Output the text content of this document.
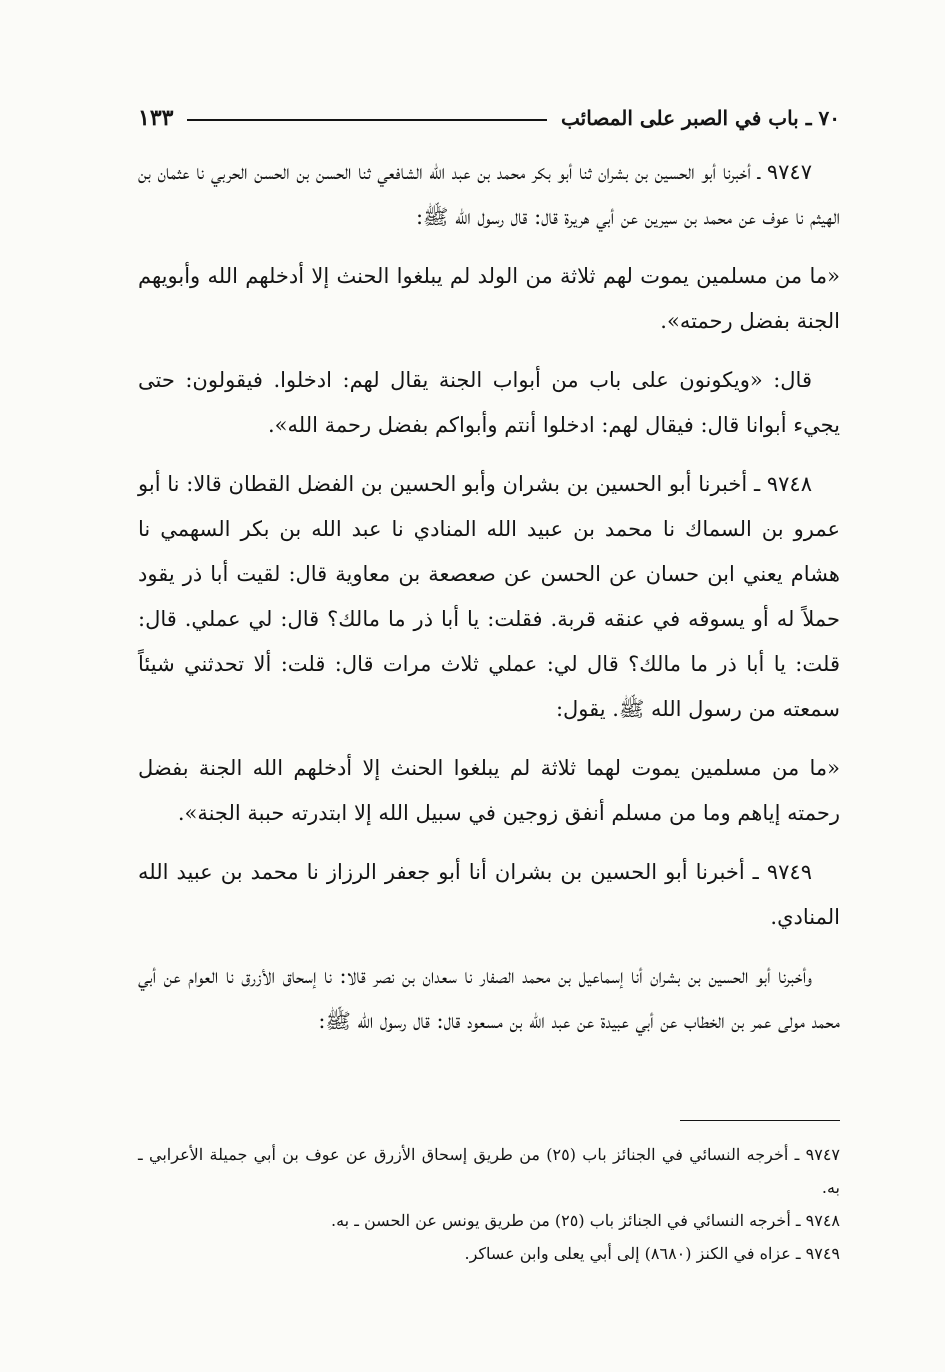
٧٠ ـ باب في الصبر على المصائب
١٣٣

٩٧٤٧ ـ أخبرنا أبو الحسين بن بشران ثنا أبو بكر محمد بن عبد الله الشافعي ثنا الحسن بن الحسن الحربي نا عثمان بن الهيثم نا عوف عن محمد بن سيرين عن أبي هريرة قال: قال رسول الله ﷺ:

«ما من مسلمين يموت لهم ثلاثة من الولد لم يبلغوا الحنث إلا أدخلهم الله وأبويهم الجنة بفضل رحمته».

قال: «ويكونون على باب من أبواب الجنة يقال لهم: ادخلوا. فيقولون: حتى يجيء أبوانا قال: فيقال لهم: ادخلوا أنتم وأبواكم بفضل رحمة الله».

٩٧٤٨ ـ أخبرنا أبو الحسين بن بشران وأبو الحسين بن الفضل القطان قالا: نا أبو عمرو بن السماك نا محمد بن عبيد الله المنادي نا عبد الله بن بكر السهمي نا هشام يعني ابن حسان عن الحسن عن صعصعة بن معاوية قال: لقيت أبا ذر يقود حملاً له أو يسوقه في عنقه قربة. فقلت: يا أبا ذر ما مالك؟ قال: لي عملي. قال: قلت: يا أبا ذر ما مالك؟ قال لي: عملي ثلاث مرات قال: قلت: ألا تحدثني شيئاً سمعته من رسول الله ﷺ. يقول:

«ما من مسلمين يموت لهما ثلاثة لم يبلغوا الحنث إلا أدخلهم الله الجنة بفضل رحمته إياهم وما من مسلم أنفق زوجين في سبيل الله إلا ابتدرته حببة الجنة».

٩٧٤٩ ـ أخبرنا أبو الحسين بن بشران أنا أبو جعفر الرزاز نا محمد بن عبيد الله المنادي.

وأخبرنا أبو الحسين بن بشران أنا إسماعيل بن محمد الصفار نا سعدان بن نصر قالا: نا إسحاق الأزرق نا العوام عن أبي محمد مولى عمر بن الخطاب عن أبي عبيدة عن عبد الله بن مسعود قال: قال رسول الله ﷺ:

٩٧٤٧ ـ أخرجه النسائي في الجنائز باب (٢٥) من طريق إسحاق الأزرق عن عوف بن أبي جميلة الأعرابي ـ به.

٩٧٤٨ ـ أخرجه النسائي في الجنائز باب (٢٥) من طريق يونس عن الحسن ـ به.

٩٧٤٩ ـ عزاه في الكنز (٨٦٨٠) إلى أبي يعلى وابن عساكر.
